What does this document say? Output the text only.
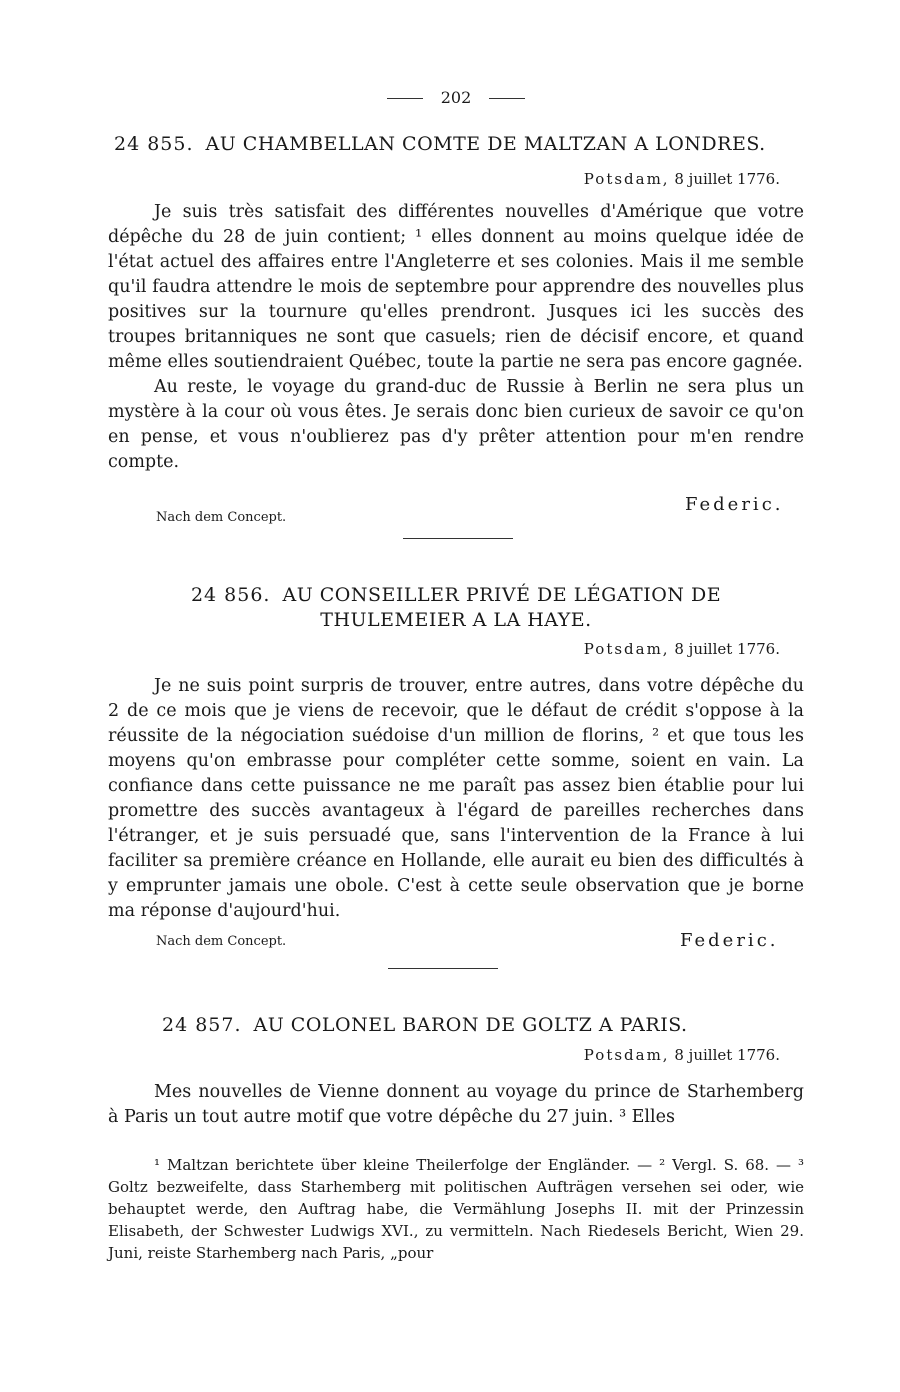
202
24 855. AU CHAMBELLAN COMTE DE MALTZAN A LONDRES.
Potsdam, 8 juillet 1776.

Je suis très satisfait des différentes nouvelles d'Amérique que votre dépêche du 28 de juin contient; ¹ elles donnent au moins quelque idée de l'état actuel des affaires entre l'Angleterre et ses colonies. Mais il me semble qu'il faudra attendre le mois de septembre pour apprendre des nouvelles plus positives sur la tournure qu'elles prendront. Jusques ici les succès des troupes britanniques ne sont que casuels; rien de décisif encore, et quand même elles soutiendraient Québec, toute la partie ne sera pas encore gagnée.

Au reste, le voyage du grand-duc de Russie à Berlin ne sera plus un mystère à la cour où vous êtes. Je serais donc bien curieux de savoir ce qu'on en pense, et vous n'oublierez pas d'y prêter attention pour m'en rendre compte.

Federic.
Nach dem Concept.
24 856. AU CONSEILLER PRIVÉ DE LÉGATION DE
THULEMEIER A LA HAYE.
Potsdam, 8 juillet 1776.

Je ne suis point surpris de trouver, entre autres, dans votre dépêche du 2 de ce mois que je viens de recevoir, que le défaut de crédit s'oppose à la réussite de la négociation suédoise d'un million de florins, ² et que tous les moyens qu'on embrasse pour compléter cette somme, soient en vain. La confiance dans cette puissance ne me paraît pas assez bien établie pour lui promettre des succès avantageux à l'égard de pareilles recherches dans l'étranger, et je suis persuadé que, sans l'intervention de la France à lui faciliter sa première créance en Hollande, elle aurait eu bien des difficultés à y emprunter jamais une obole. C'est à cette seule observation que je borne ma réponse d'aujourd'hui.

Nach dem Concept.	Federic.
24 857. AU COLONEL BARON DE GOLTZ A PARIS.
Potsdam, 8 juillet 1776.

Mes nouvelles de Vienne donnent au voyage du prince de Starhemberg à Paris un tout autre motif que votre dépêche du 27 juin. ³ Elles

¹ Maltzan berichtete über kleine Theilerfolge der Engländer. — ² Vergl. S. 68. — ³ Goltz bezweifelte, dass Starhemberg mit politischen Aufträgen versehen sei oder, wie behauptet werde, den Auftrag habe, die Vermählung Josephs II. mit der Prinzessin Elisabeth, der Schwester Ludwigs XVI., zu vermitteln. Nach Riedesels Bericht, Wien 29. Juni, reiste Starhemberg nach Paris, „pour
